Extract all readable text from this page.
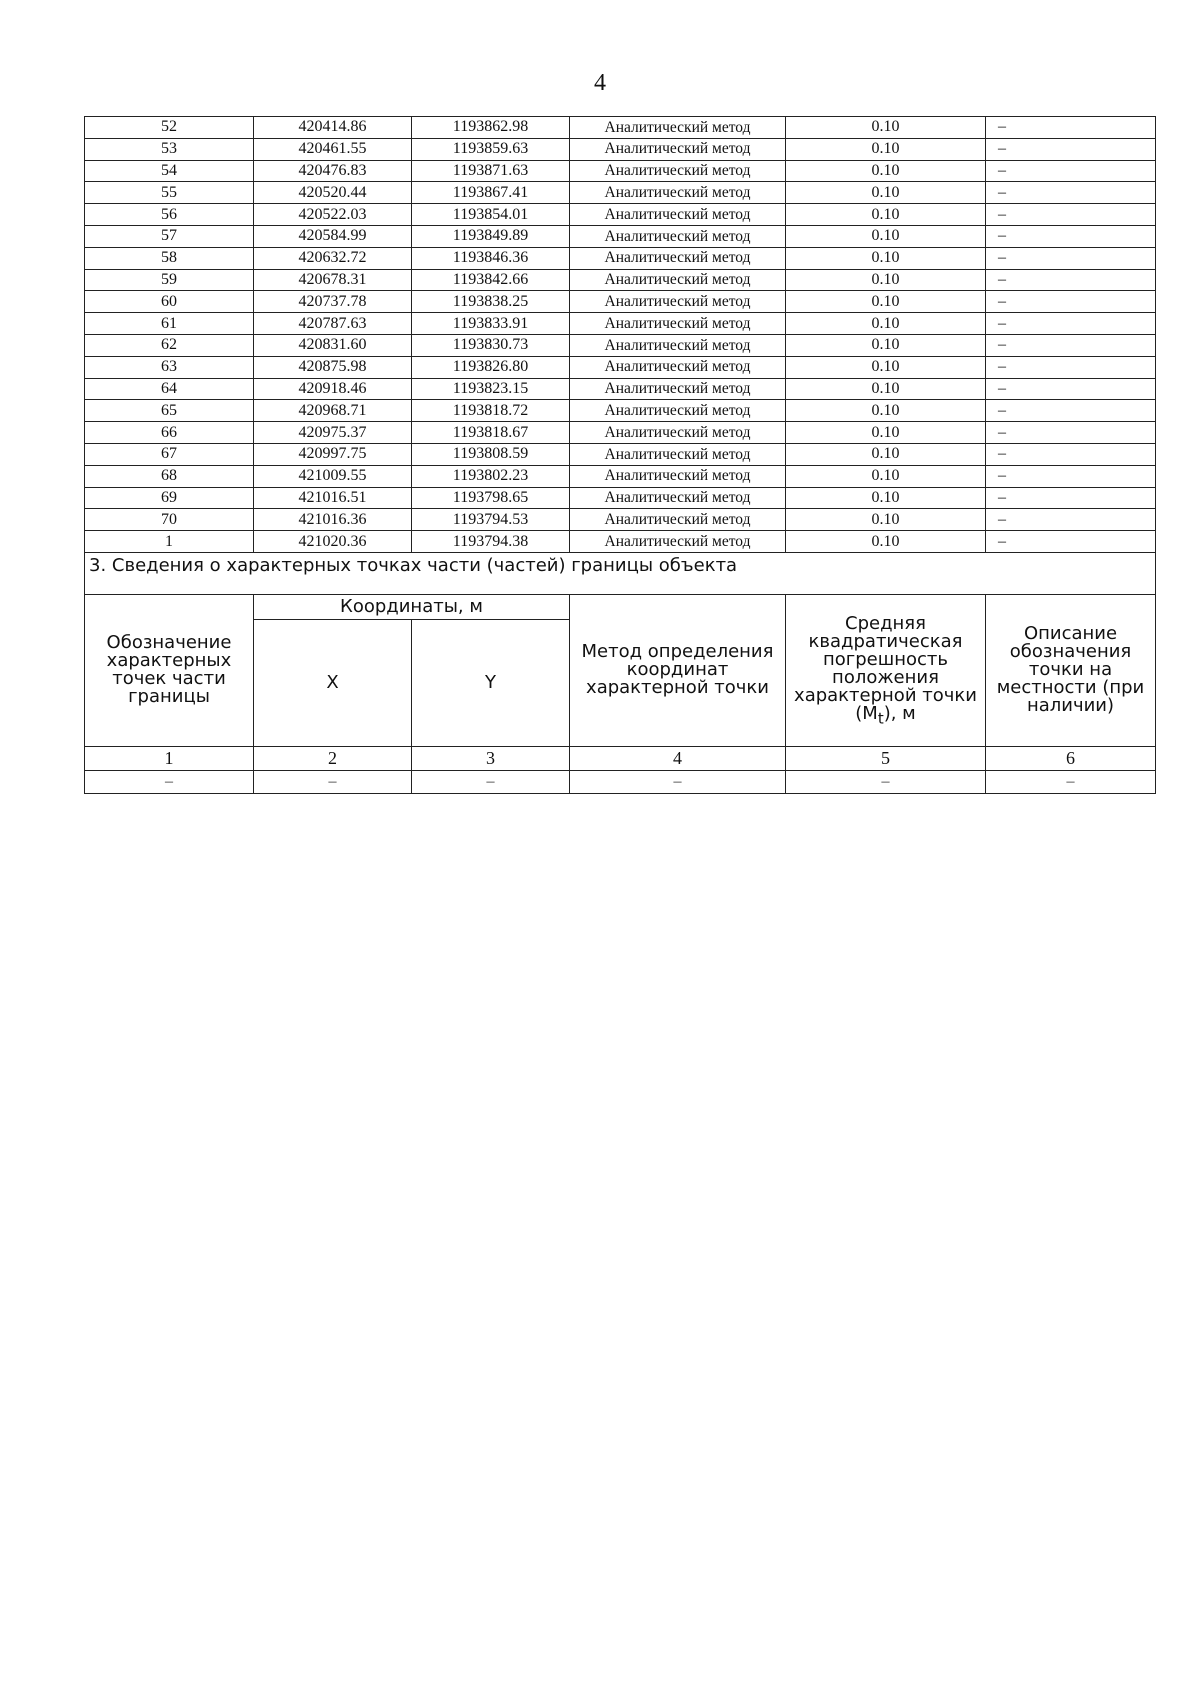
4
52	420414.86	1193862.98	Аналитический метод	0.10	–
53	420461.55	1193859.63	Аналитический метод	0.10	–
54	420476.83	1193871.63	Аналитический метод	0.10	–
55	420520.44	1193867.41	Аналитический метод	0.10	–
56	420522.03	1193854.01	Аналитический метод	0.10	–
57	420584.99	1193849.89	Аналитический метод	0.10	–
58	420632.72	1193846.36	Аналитический метод	0.10	–
59	420678.31	1193842.66	Аналитический метод	0.10	–
60	420737.78	1193838.25	Аналитический метод	0.10	–
61	420787.63	1193833.91	Аналитический метод	0.10	–
62	420831.60	1193830.73	Аналитический метод	0.10	–
63	420875.98	1193826.80	Аналитический метод	0.10	–
64	420918.46	1193823.15	Аналитический метод	0.10	–
65	420968.71	1193818.72	Аналитический метод	0.10	–
66	420975.37	1193818.67	Аналитический метод	0.10	–
67	420997.75	1193808.59	Аналитический метод	0.10	–
68	421009.55	1193802.23	Аналитический метод	0.10	–
69	421016.51	1193798.65	Аналитический метод	0.10	–
70	421016.36	1193794.53	Аналитический метод	0.10	–
1	421020.36	1193794.38	Аналитический метод	0.10	–
3. Сведения о характерных точках части (частей) границы объекта					
Обозначение характерных точек части границы	Координаты, м		Метод определения координат характерной точки	Средняя квадратическая погрешность положения характерной точки $(M_t)$, м	Описание обозначения точки на местности (при наличии)
	X	Y			
1	2	3	4	5	6
–	–	–	–	–	–
